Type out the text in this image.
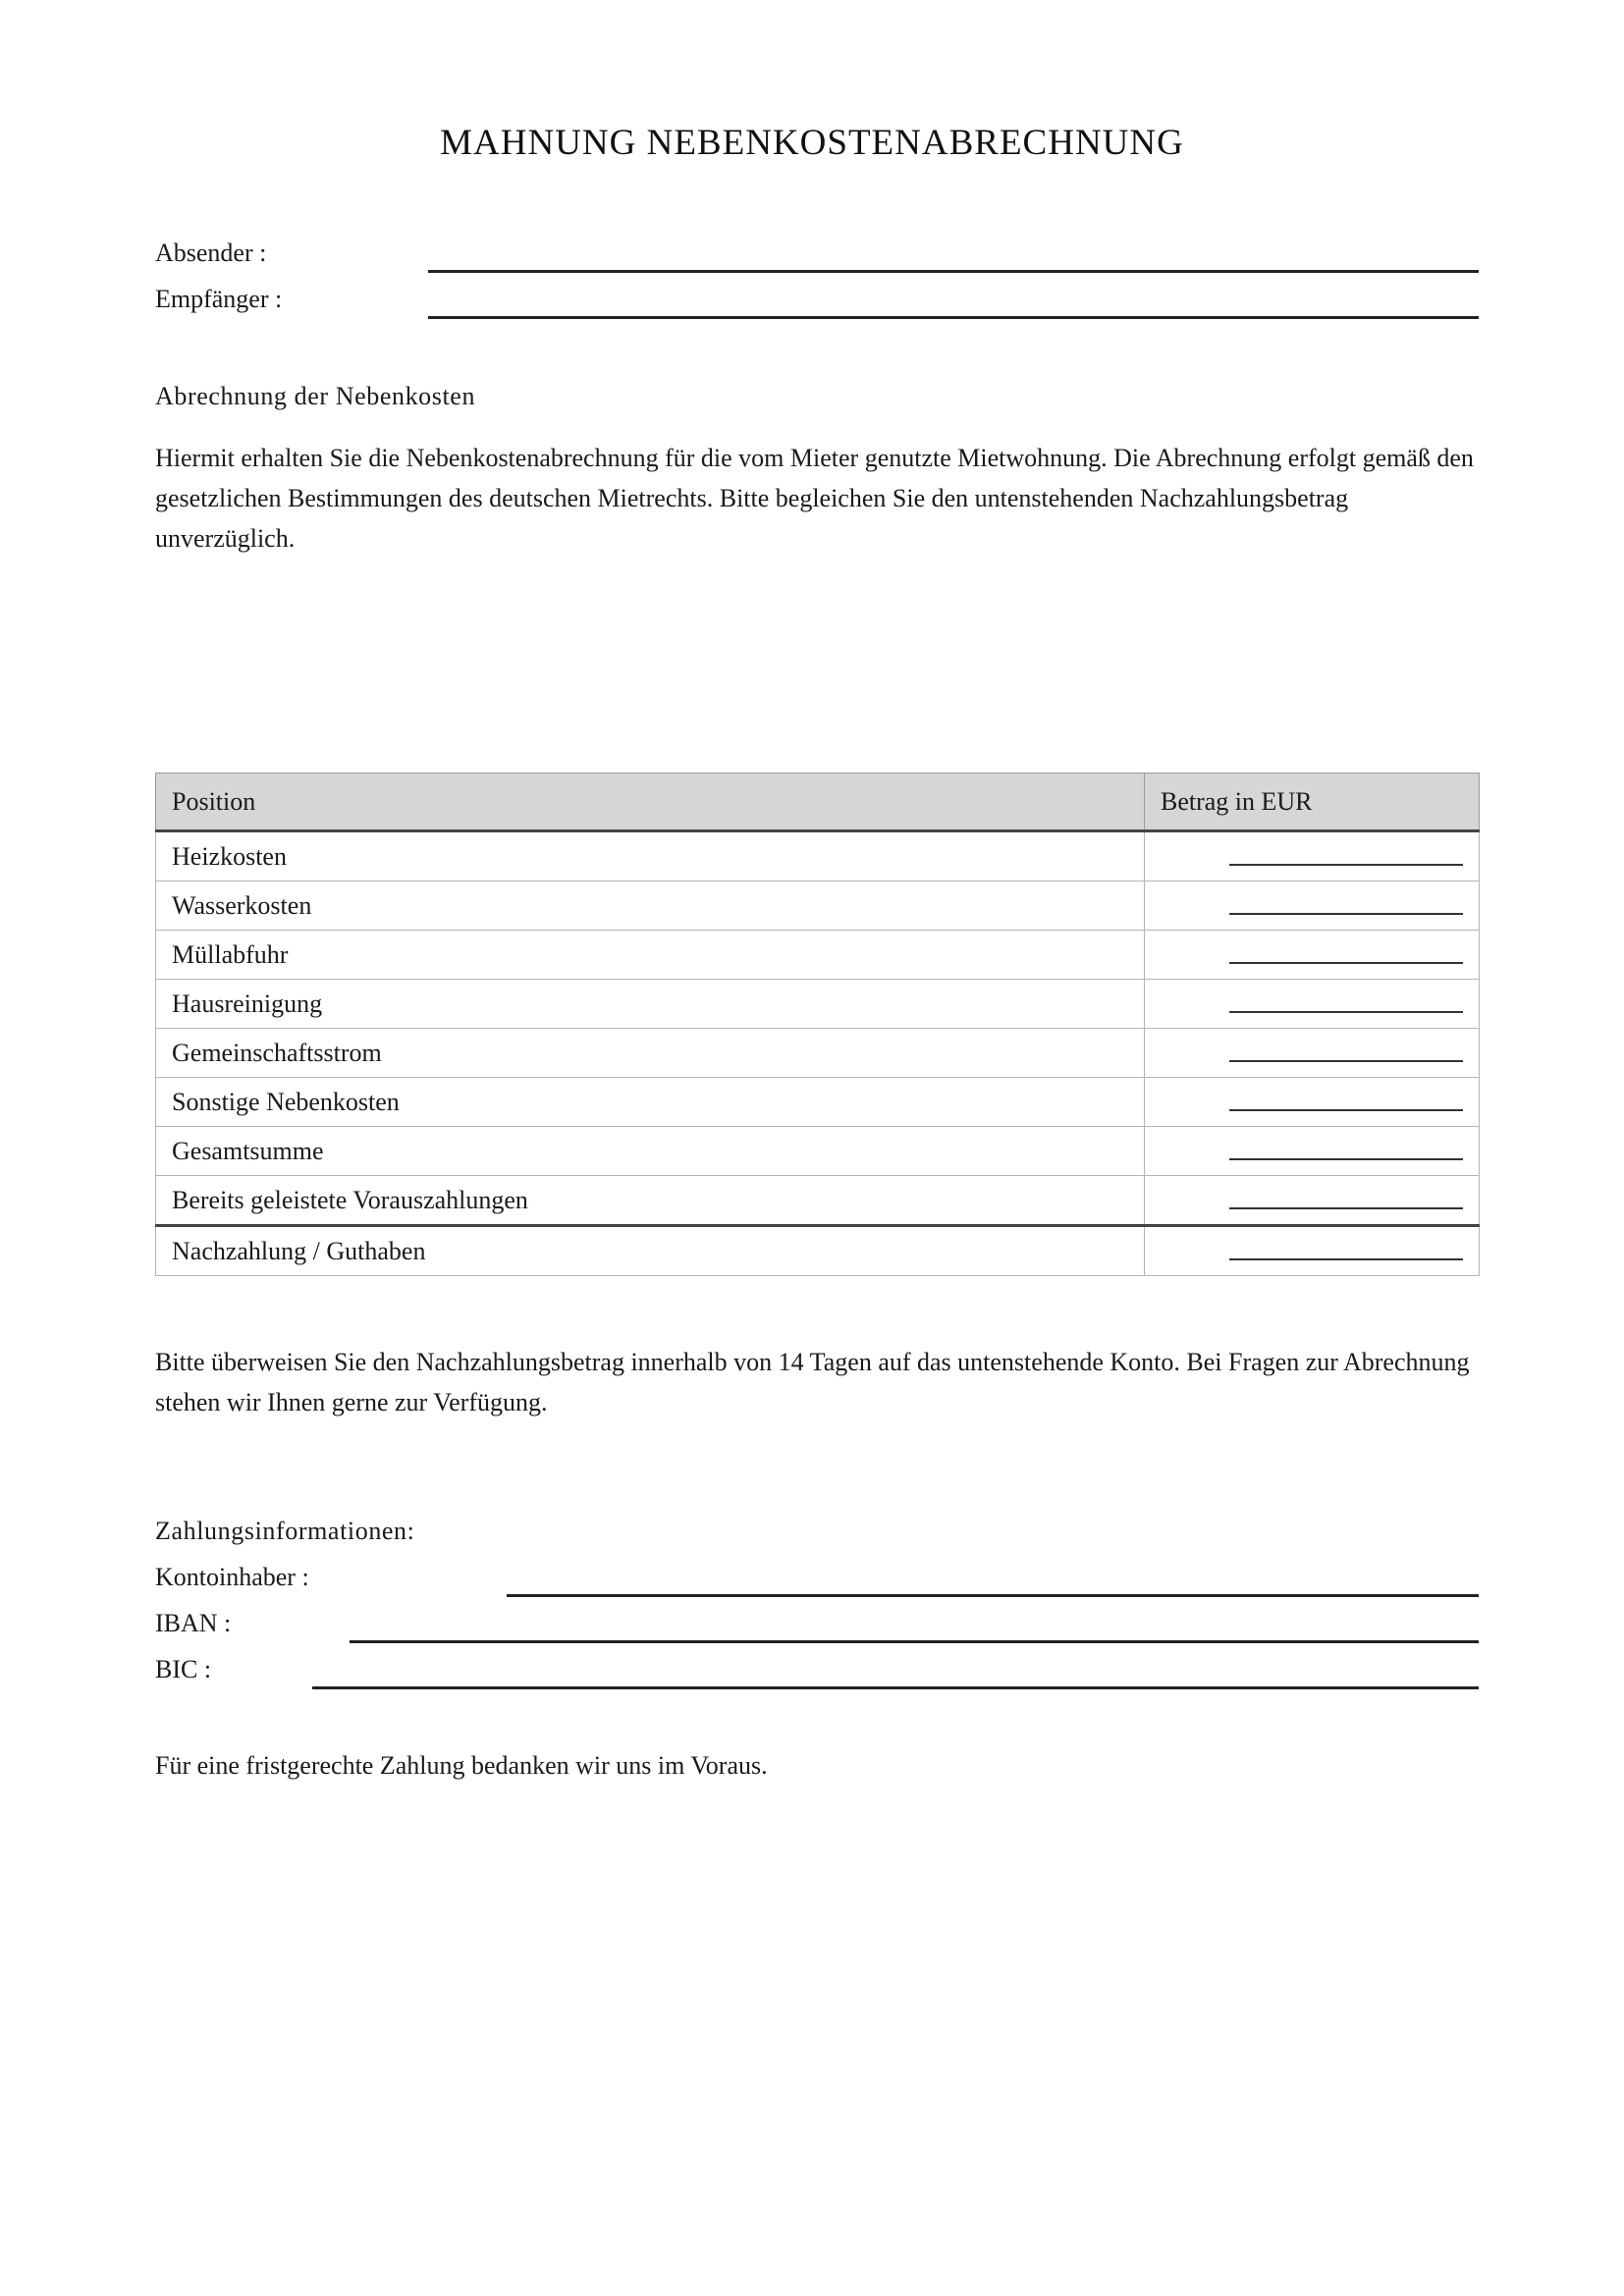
MAHNUNG NEBENKOSTENABRECHNUNG
Absender :
Empfänger :
Abrechnung der Nebenkosten
Hiermit erhalten Sie die Nebenkostenabrechnung für die vom Mieter genutzte Mietwohnung. Die Abrechnung erfolgt gemäß den gesetzlichen Bestimmungen des deutschen Mietrechts. Bitte begleichen Sie den untenstehenden Nachzahlungsbetrag unverzüglich.
Position	Betrag in EUR
Heizkosten	
Wasserkosten	
Müllabfuhr	
Hausreinigung	
Gemeinschaftsstrom	
Sonstige Nebenkosten	
Gesamtsumme	
Bereits geleistete Vorauszahlungen	
Nachzahlung / Guthaben	
Bitte überweisen Sie den Nachzahlungsbetrag innerhalb von 14 Tagen auf das untenstehende Konto. Bei Fragen zur Abrechnung stehen wir Ihnen gerne zur Verfügung.
Zahlungsinformationen:
Kontoinhaber :
IBAN :
BIC :
Für eine fristgerechte Zahlung bedanken wir uns im Voraus.
